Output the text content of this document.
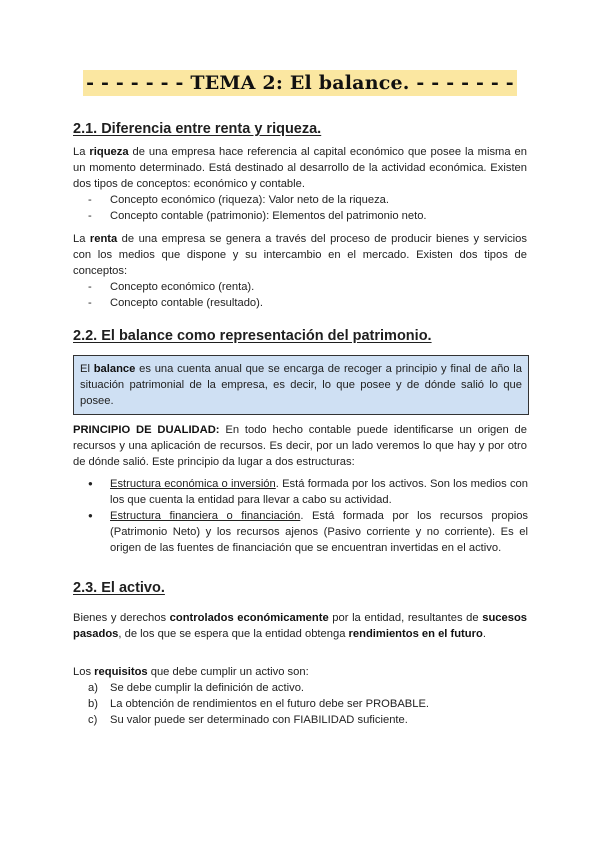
- - - - - - - TEMA 2: El balance. - - - - - - -
2.1. Diferencia entre renta y riqueza.

La riqueza de una empresa hace referencia al capital económico que posee la misma en un momento determinado. Está destinado al desarrollo de la actividad económica. Existen dos tipos de conceptos: económico y contable.

-	Concepto económico (riqueza): Valor neto de la riqueza.
-	Concepto contable (patrimonio): Elementos del patrimonio neto.

La renta de una empresa se genera a través del proceso de producir bienes y servicios con los medios que dispone y su intercambio en el mercado. Existen dos tipos de conceptos:

-	Concepto económico (renta).
-	Concepto contable (resultado).
2.2. El balance como representación del patrimonio.
El balance es una cuenta anual que se encarga de recoger a principio y final de año la situación patrimonial de la empresa, es decir, lo que posee y de dónde salió lo que posee.

PRINCIPIO DE DUALIDAD: En todo hecho contable puede identificarse un origen de recursos y una aplicación de recursos. Es decir, por un lado veremos lo que hay y por otro de dónde salió. Este principio da lugar a dos estructuras:

●	Estructura económica o inversión. Está formada por los activos. Son los medios con los que cuenta la entidad para llevar a cabo su actividad.
●	Estructura financiera o financiación. Está formada por los recursos propios (Patrimonio Neto) y los recursos ajenos (Pasivo corriente y no corriente). Es el origen de las fuentes de financiación que se encuentran invertidas en el activo.
2.3. El activo.

Bienes y derechos controlados económicamente por la entidad, resultantes de sucesos pasados, de los que se espera que la entidad obtenga rendimientos en el futuro.

Los requisitos que debe cumplir un activo son:

a)	Se debe cumplir la definición de activo.
b)	La obtención de rendimientos en el futuro debe ser PROBABLE.
c)	Su valor puede ser determinado con FIABILIDAD suficiente.
